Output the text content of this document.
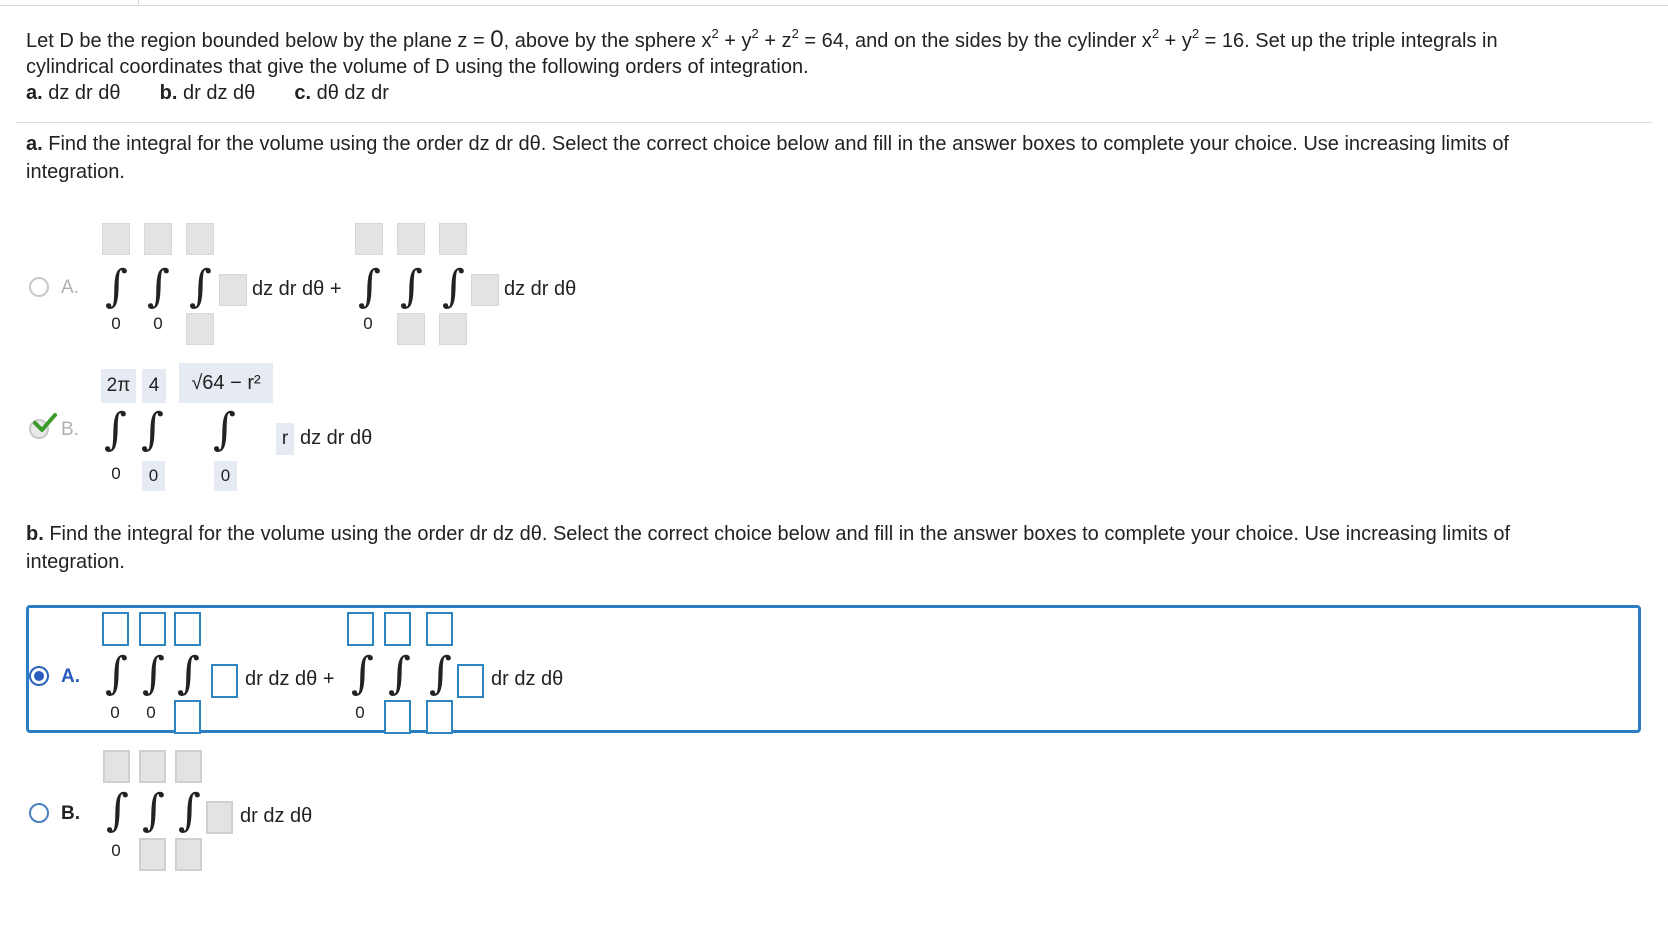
Let D be the region bounded below by the plane z = 0, above by the sphere $x^2 + y^2 + z^2 = 64$, and on the sides by the cylinder $x^2 + y^2 = 16$. Set up the triple integrals in
cylindrical coordinates that give the volume of D using the following orders of integration.
a. dz dr dθ b. dr dz dθ c. dθ dz dr
a. Find the integral for the volume using the order dz dr dθ. Select the correct choice below and fill in the answer boxes to complete your choice. Use increasing limits of
integration.
A. ∫ ∫ ∫
0 0
dz dr dθ + ∫ ∫ ∫
0
dz dr dθ
B.
2π 4	√64 − r²
∫ ∫ ∫
0	0	0
r dz dr dθ
b. Find the integral for the volume using the order dr dz dθ. Select the correct choice below and fill in the answer boxes to complete your choice. Use increasing limits of
integration.
A. ∫ ∫ ∫
0 0
dr dz dθ + ∫ ∫ ∫
0
dr dz dθ
B. ∫ ∫ ∫
0
dr dz dθ
